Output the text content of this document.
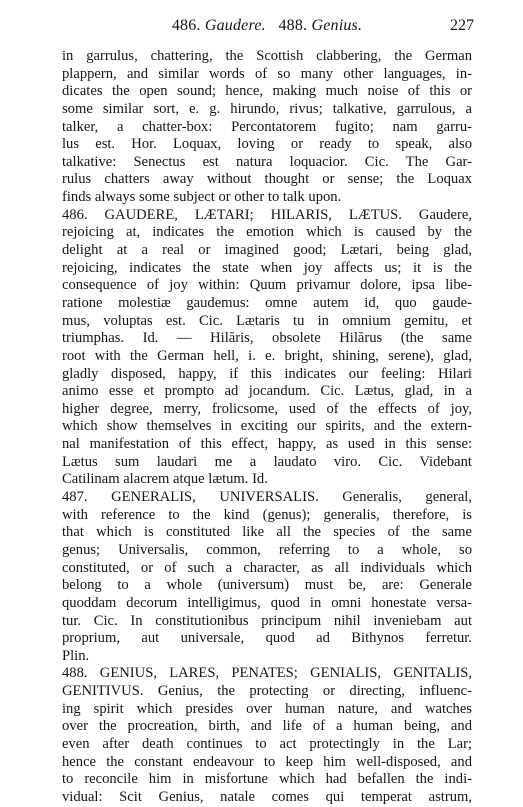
486. Gaudere. 488. Genius.	227
in garrulus, chattering, the Scottish clabbering, the German
plappern, and similar words of so many other languages, in-
dicates the open sound; hence, making much noise of this or
some similar sort, e. g. hirundo, rivus; talkative, garrulous, a
talker, a chatter-box: Percontatorem fugito; nam garru-
lus est. Hor. Loquax, loving or ready to speak, also
talkative: Senectus est natura loquacior. Cic. The Gar-
rulus chatters away without thought or sense; the Loquax
finds always some subject or other to talk upon.
486. GAUDERE, LÆTARI; HILARIS, LÆTUS. Gaudere,
rejoicing at, indicates the emotion which is caused by the
delight at a real or imagined good; Lætari, being glad,
rejoicing, indicates the state when joy affects us; it is the
consequence of joy within: Quum privamur dolore, ipsa libe-
ratione molestiæ gaudemus: omne autem id, quo gaude-
mus, voluptas est. Cic. Lætaris tu in omnium gemitu, et
triumphas. Id. — Hilăris, obsolete Hilărus (the same
root with the German hell, i. e. bright, shining, serene), glad,
gladly disposed, happy, if this indicates our feeling: Hilari
animo esse et prompto ad jocandum. Cic. Lætus, glad, in a
higher degree, merry, frolicsome, used of the effects of joy,
which show themselves in exciting our spirits, and the extern-
nal manifestation of this effect, happy, as used in this sense:
Lætus sum laudari me a laudato viro. Cic. Videbant
Catilinam alacrem atque lætum. Id.
487. GENERALIS, UNIVERSALIS. Generalis, general,
with reference to the kind (genus); generalis, therefore, is
that which is constituted like all the species of the same
genus; Universalis, common, referring to a whole, so
constituted, or of such a character, as all individuals which
belong to a whole (universum) must be, are: Generale
quoddam decorum intelligimus, quod in omni honestate versa-
tur. Cic. In constitutionibus principum nihil inveniebam aut
proprium, aut universale, quod ad Bithynos ferretur.
Plin.
488. GENIUS, LARES, PENATES; GENIALIS, GENITALIS,
GENITIVUS. Genius, the protecting or directing, influenc-
ing spirit which presides over human nature, and watches
over the procreation, birth, and life of a human being, and
even after death continues to act protectingly in the Lar;
hence the constant endeavour to keep him well-disposed, and
to reconcile him in misfortune which had befallen the indi-
vidual: Scit Genius, natale comes qui temperat astrum,
